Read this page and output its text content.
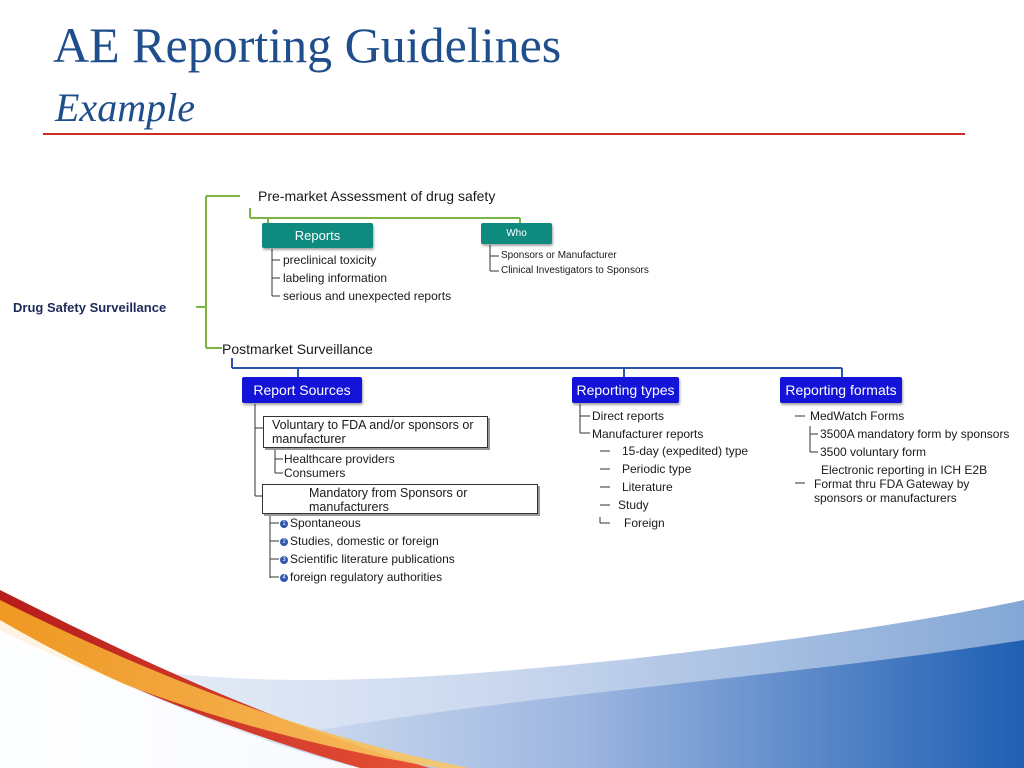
AE Reporting Guidelines
Example
Drug Safety Surveillance
Pre-market Assessment of drug safety
Reports
preclinical toxicity
labeling information
serious and unexpected reports
Who
Sponsors or Manufacturer
Clinical Investigators to Sponsors
Postmarket Surveillance
Report Sources
Voluntary to FDA and/or sponsors or manufacturer
Healthcare providers
Consumers
Mandatory from Sponsors or manufacturers
1 Spontaneous
2 Studies, domestic or foreign
3 Scientific literature publications
4 foreign regulatory authorities
Reporting types
Direct reports
Manufacturer reports
15-day (expedited) type
Periodic type
Literature
Study
Foreign
Reporting formats
MedWatch Forms
3500A mandatory form by sponsors
3500 voluntary form
Electronic reporting in ICH E2B Format thru FDA Gateway by sponsors or manufacturers
